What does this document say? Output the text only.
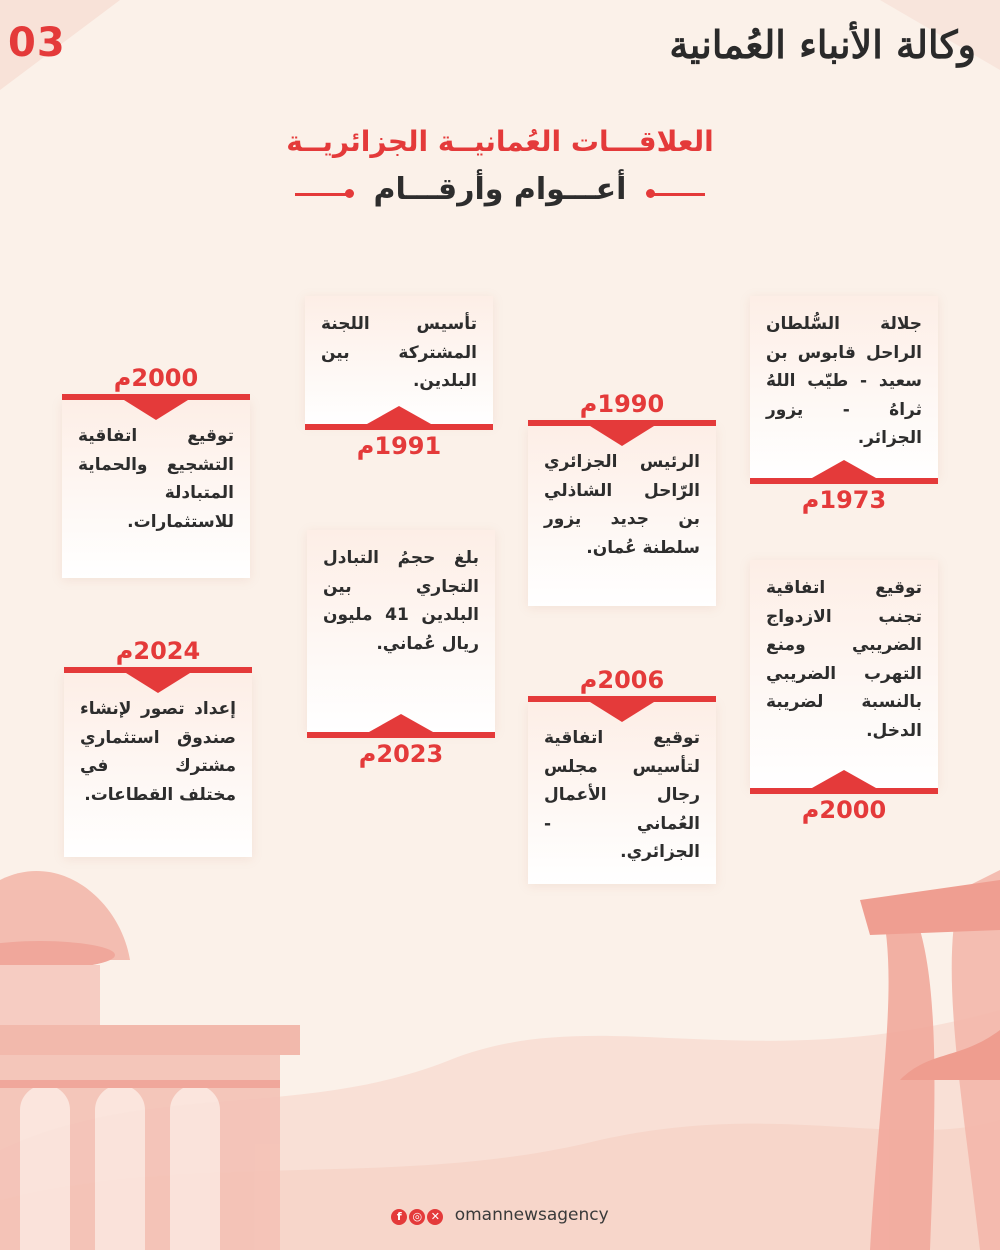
03	وكالة الأنباء العُمانية
العلاقـــات العُمانيــة الجزائريــة
أعـــوام وأرقـــام
جلالة السُّلطان الراحل قابوس بن سعيد - طيّب اللهُ ثراهُ - يزور الجزائر.
1973م
1990م
الرئيس الجزائري الرّاحل الشاذلي بن جديد يزور سلطنة عُمان.
تأسيس اللجنة المشتركة بين البلدين.
1991م
2000م
توقيع اتفاقية التشجيع والحماية المتبادلة للاستثمارات.
توقيع اتفاقية تجنب الازدواج الضريبي ومنع التهرب الضريبي بالنسبة لضريبة الدخل.
2000م
2006م
توقيع اتفاقية لتأسيس مجلس رجال الأعمال العُماني - الجزائري.
بلغ حجمُ التبادل التجاري بين البلدين 41 مليون ريال عُماني.
2023م
2024م
إعداد تصور لإنشاء صندوق استثماري مشترك في مختلف القطاعات.
f ◎ ✕ omannewsagency
